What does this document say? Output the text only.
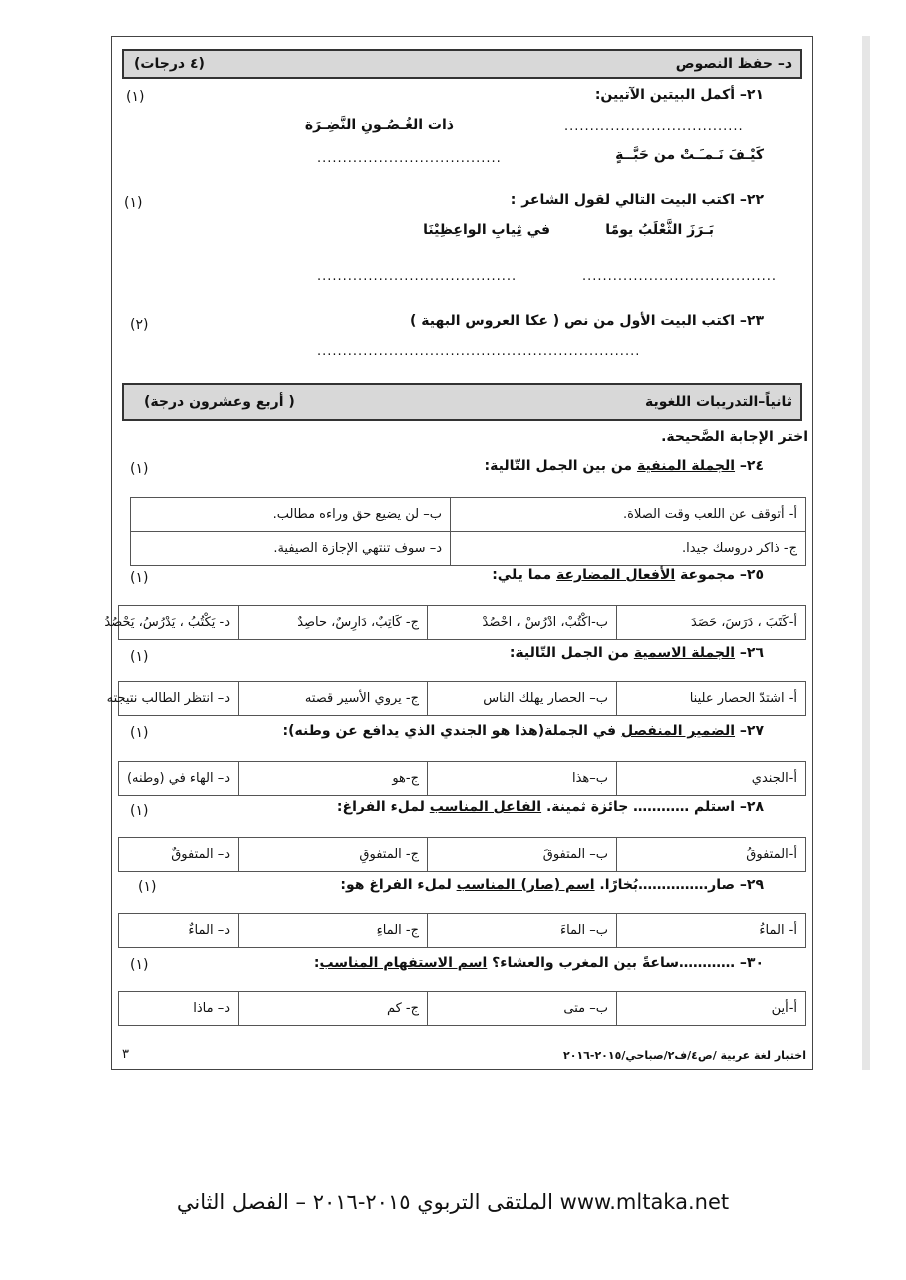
د– حفظ النصوص
(٤ درجات)
٢١– أكمل البيتين الآتيين:
(١)
...................................
ذات الغُـصُـونِ النَّضِـرَة
كَيْـفَ نَـمـَـتْ من حَبَّــةٍ
....................................
٢٢– اكتب البيت التالي لقول الشاعر :
(١)
بَـرَزَ الثَّعْلَبُ يومًا
في ثِيابِ الواعِظِيْنَا
......................................
.......................................
٢٣– اكتب البيت الأول من نص ( عكا العروس البهية )
(٢)
...............................................................
ثانياً–التدريبات اللغوية
( أربع وعشرون درجة)
اختر الإجابة الصَّحيحة.
٢٤– الجملة المنفية من بين الجمل التّالية:
(١)
أ- أتوقف عن اللعب وقت الصلاة.	ب– لن يضيع حق وراءه مطالب.
ج- ذاكر دروسك جيدا.	د– سوف تنتهي الإجازة الصيفية.
٢٥– مجموعة الأفعال المضارعة مما يلي:
(١)
أ-كَتَبَ ، دَرَسَ، حَصَدَ	ب-اكْتُبْ، ادْرُسْ ، احْصُدْ	ج- كَاتِبٌ، دَارِسٌ، حاصِدٌ	د- يَكْتُبُ ، يَدْرُسُ، يَحْصُدُ
٢٦– الجملة الاسمية من الجمل التّالية:
(١)
أ- اشتدّ الحصار علينا	ب– الحصار يهلك الناس	ج- يروي الأسير قصته	د– انتظر الطالب نتيجته
٢٧– الضمير المنفصل في الجملة(هذا هو الجندي الذي يدافع عن وطنه):
(١)
أ-الجندي	ب–هذا	ج-هو	د– الهاء في (وطنه)
٢٨– استلم ………… جائزة ثمينة. الفاعل المناسب لملء الفراغ:
(١)
أ-المتفوقُ	ب– المتفوقَ	ج- المتفوقِ	د– المتفوقٌ
٢٩– صار……………بُخارًا. اسم (صار) المناسب لملء الفراغ هو:
(١)
أ- الماءُ	ب– الماءَ	ج- الماءِ	د– الماءٌ
٣٠– …………ساعةً بين المغرب والعشاء؟ اسم الاستفهام المناسب:
(١)
أ-أين	ب– متى	ج- كم	د– ماذا
اختبار لغة عربية /ص٤/ف٢/صباحي/٢٠١٥-٢٠١٦
٣
الملتقى التربوي ٢٠١٥-٢٠١٦ – الفصل الثاني www.mltaka.net
